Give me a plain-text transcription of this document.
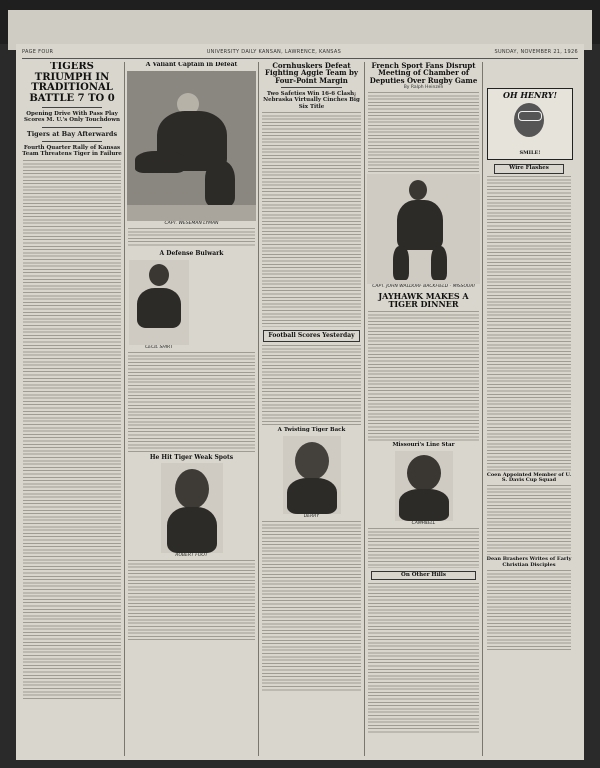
PAGE FOUR	UNIVERSITY DAILY KANSAN, LAWRENCE, KANSAS	SUNDAY, NOVEMBER 21, 1926
TIGERS TRIUMPH IN TRADITIONAL BATTLE 7 TO 0
Opening Drive With Pass Play Scores M. U.'s Only Touchdown
Tigers at Bay Afterwards
Fourth Quarter Rally of Kansas Team Threatens Tiger in Failure
A Valiant Captain in Defeat
CAPT. WESEMAN LYMAN
A Defense Bulwark
CECIL SHIRT
He Hit Tiger Weak Spots
ROBERT FOOT
Cornhuskers Defeat Fighting Aggie Team by Four-Point Margin
Two Safeties Win 16-6 Clash; Nebraska Virtually Cinches Big Six Title
Football Scores Yesterday
A Twisting Tiger Back
DERRY
French Sport Fans Disrupt Meeting of Chamber of Deputies Over Rugby Game
By Ralph Heinzen
CAPT. JOHN WALDORF BACKFIELD - MISSOURI
JAYHAWK MAKES A TIGER DINNER
Missouri's Line Star
CAMPBELL
On Other Hills
OH HENRY!
SMILE!
Wire Flashes
Coen Appointed Member of U. S. Davis Cup Squad
Dean Brashers Writes of Early Christian Disciples
